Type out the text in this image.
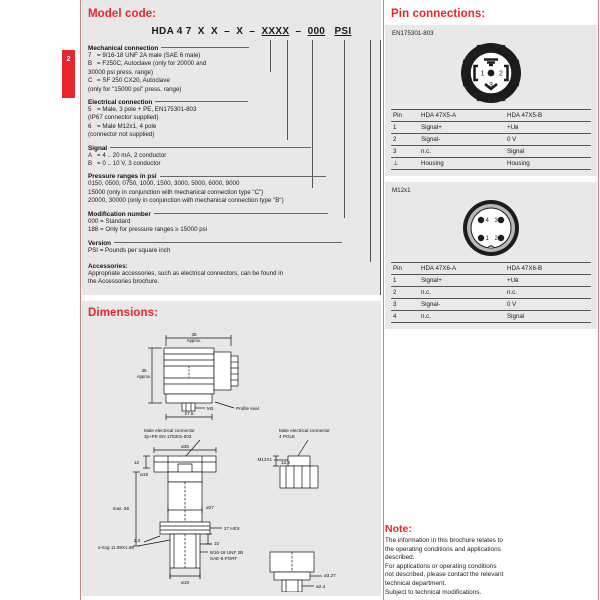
2
Model code:
HDA 4 7 X X – X – XXXX – 000 PSI
Mechanical connection
7 = 9/16-18 UNF 2A male (SAE 6 male)
B = F250C, Autoclave (only for 20000 and
30000 psi press. range)
C = SF 250 CX20, Autoclave
(only for "15000 psi" press. range)
Electrical connection
5 = Male, 3 pole + PE, EN175301-803
(IP67 connector supplied)
6 = Male M12x1, 4 pole
(connector not supplied)
Signal
A = 4 .. 20 mA, 2 conductor
B = 0 .. 10 V, 3 conductor
Pressure ranges in psi
0150, 0500, 0750, 1000, 1500, 3000, 5000, 6000, 9000
15000 (only in conjunction with mechanical connection type "C")
20000, 30000 (only in conjunction with mechanical connection type "B")
Modification number
000 = Standard
188 = Only for pressure ranges ≥ 15000 psi
Version
PSI = Pounds per square inch
Accessories:
Appropriate accessories, such as electrical connectors, can be found in
the Accessories brochure.
Dimensions:
35
Approx.
35
Approx.
Profile seal
M3
27.5
Male electrical connector
3p+PE EN 175301-803
Male electrical connector
4 POLE
ø35
12
max. 56	ø27
27 HEX
2.3
o-ring 11.89X1.98
10
9/16-18 UNF 2B
SAE-6 PORT
ø19
M12X1
12.3
ø3.27
ø2.4
ø19
Pin connections:
EN175301-803
1 2
3
Pin	HDA 47X5-A	HDA 47X5-B
1	Signal+	+Uв
2	Signal-	0 V
3	n.c.	Signal
⊥	Housing	Housing
M12x1
4 3
1 2
Pin	HDA 47X6-A	HDA 47X6-B
1	Signal+	+Uв
2	n.c.	n.c.
3	Signal-	0 V
4	n.c.	Signal
Note:
The information in this brochure relates to
the operating conditions and applications
described.
For applications or operating conditions
not described, please contact the relevant
technical department.
Subject to technical modifications.
